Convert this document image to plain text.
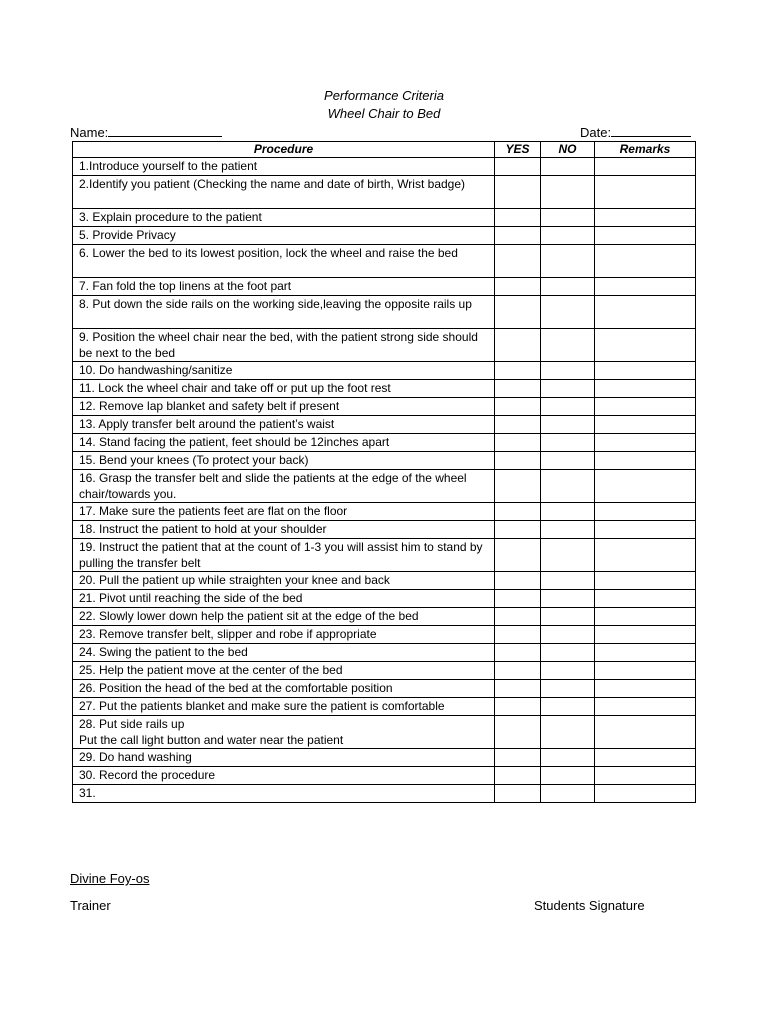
Performance Criteria
Wheel Chair to Bed
Name:	Date:
Procedure	YES	NO	Remarks
1.Introduce yourself to the patient			
2.Identify you patient (Checking the name and date of birth, Wrist badge)			
3. Explain procedure to the patient			
5. Provide Privacy			
6. Lower the bed to its lowest position, lock the wheel and raise the bed			
7. Fan fold the top linens at the foot part			
8. Put down the side rails on the working side,leaving the opposite rails up			
9. Position the wheel chair near the bed, with the patient strong side should be next to the bed			
10. Do handwashing/sanitize			
11. Lock the wheel chair and take off or put up the foot rest			
12. Remove lap blanket and safety belt if present			
13. Apply transfer belt around the patient’s waist			
14. Stand facing the patient, feet should be 12inches apart			
15. Bend your knees (To protect your back)			
16. Grasp the transfer belt and slide the patients at the edge of the wheel chair/towards you.			
17. Make sure the patients feet are flat on the floor			
18. Instruct the patient to hold at your shoulder			
19. Instruct the patient that at the count of 1-3 you will assist him to stand by pulling the transfer belt			
20. Pull the patient up while straighten your knee and back			
21. Pivot until reaching the side of the bed			
22. Slowly lower down help the patient sit at the edge of the bed			
23. Remove transfer belt, slipper and robe if appropriate			
24. Swing the patient to the bed			
25. Help the patient move at the center of the bed			
26. Position the head of the bed at the comfortable position			
27. Put the patients blanket and make sure the patient is comfortable			
28. Put side rails up
Put the call light button and water near the patient			
29. Do hand washing			
30. Record the procedure			
31.			
Divine Foy-os
Trainer	Students Signature
